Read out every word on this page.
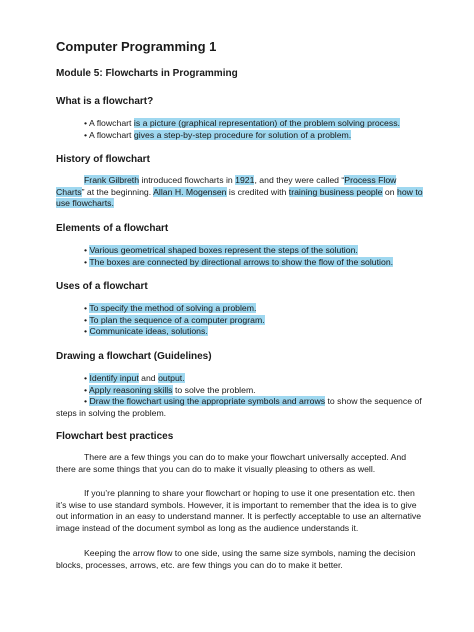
Computer Programming 1
Module 5: Flowcharts in Programming
What is a flowchart?
• A flowchart is a picture (graphical representation) of the problem solving process.
• A flowchart gives a step-by-step procedure for solution of a problem.
History of flowchart
Frank Gilbreth introduced flowcharts in 1921, and they were called “Process Flow
Charts” at the beginning. Allan H. Mogensen is credited with training business people on how to
use flowcharts.
Elements of a flowchart
• Various geometrical shaped boxes represent the steps of the solution.
• The boxes are connected by directional arrows to show the flow of the solution.
Uses of a flowchart
• To specify the method of solving a problem.
• To plan the sequence of a computer program.
• Communicate ideas, solutions.
Drawing a flowchart (Guidelines)
• Identify input and output.
• Apply reasoning skills to solve the problem.
• Draw the flowchart using the appropriate symbols and arrows to show the sequence of
steps in solving the problem.
Flowchart best practices
There are a few things you can do to make your flowchart universally accepted. And
there are some things that you can do to make it visually pleasing to others as well.
If you’re planning to share your flowchart or hoping to use it one presentation etc. then
it’s wise to use standard symbols. However, it is important to remember that the idea is to give
out information in an easy to understand manner. It is perfectly acceptable to use an alternative
image instead of the document symbol as long as the audience understands it.
Keeping the arrow flow to one side, using the same size symbols, naming the decision
blocks, processes, arrows, etc. are few things you can do to make it better.
